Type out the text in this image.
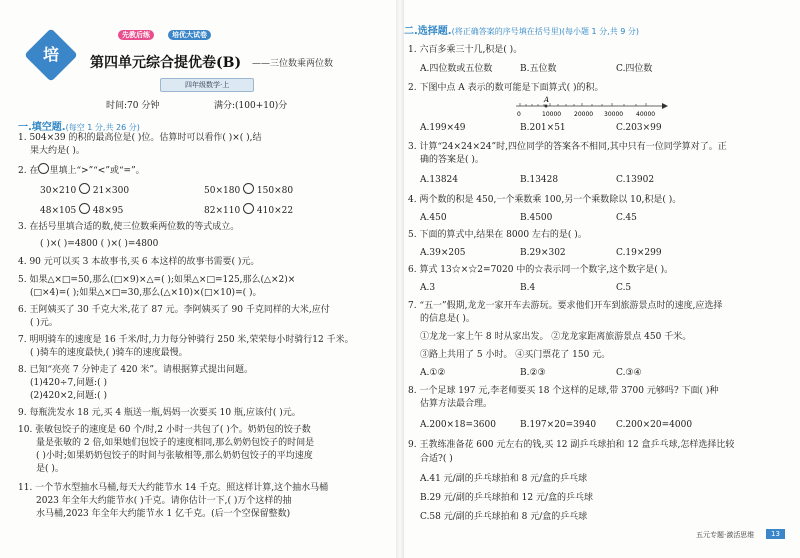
培
先教后练	培优大试卷
第四单元综合提优卷(B) ——三位数乘两位数
四年级数学·上
时间:70 分钟	满分:(100+10)分
一.填空题.(每空 1 分,共 26 分)
1. 504×39 的积的最高位是( )位。估算时可以看作( )×( ),结
果大约是( )。
2. 在 里填上“>”“<”或“=”。
30×210 21×300	50×180 150×80
48×105 48×95	82×110 410×22
3. 在括号里填合适的数,使三位数乘两位数的等式成立。
( )×( )=4800 ( )×( )=4800
4. 90 元可以买 3 本故事书,买 6 本这样的故事书需要( )元。
5. 如果△×□=50,那么(□×9)×△=( );如果△×□=125,那么(△×2)×
(□×4)=( );如果△×□=30,那么(△×10)×(□×10)=( )。
6. 王阿姨买了 30 千克大米,花了 87 元。李阿姨买了 90 千克同样的大米,应付
( )元。
7. 明明骑车的速度是 16 千米/时,力力每分钟骑行 250 米,荣荣每小时骑行12 千米。
( )骑车的速度最快,( )骑车的速度最慢。
8. 已知“亮亮 7 分钟走了 420 米”。请根据算式提出问题。
(1)420÷7,问题:( )
(2)420×2,问题:( )
9. 每瓶洗发水 18 元,买 4 瓶送一瓶,妈妈一次要买 10 瓶,应该付( )元。
10. 张敏包饺子的速度是 60 个/时,2 小时一共包了( )个。奶奶包的饺子数
量是张敏的 2 倍,如果她们包饺子的速度相同,那么奶奶包饺子的时间是
( )小时;如果奶奶包饺子的时间与张敏相等,那么奶奶包饺子的平均速度
是( )。
11. 一个节水型抽水马桶,每天大约能节水 14 千克。照这样计算,这个抽水马桶
2023 年全年大约能节水( )千克。请你估计一下,( )万个这样的抽
水马桶,2023 年全年大约能节水 1 亿千克。(后一个空保留整数)
二.选择题.(将正确答案的序号填在括号里)(每小题 1 分,共 9 分)
1. 六百多乘三十几,积是( )。
A.四位数或五位数	B.五位数	C.四位数
2. 下图中点 A 表示的数可能是下面算式( )的积。
A
0	10000 20000 30000 40000
A.199×49	B.201×51	C.203×99
3. 计算“24×24×24”时,四位同学的答案各不相同,其中只有一位同学算对了。正
确的答案是( )。
A.13824	B.13428	C.13902
4. 两个数的积是 450,一个乘数乘 100,另一个乘数除以 10,积是( )。
A.450	B.4500	C.45
5. 下面的算式中,结果在 8000 左右的是( )。
A.39×205	B.29×302	C.19×299
6. 算式 13☆×☆2=7020 中的☆表示同一个数字,这个数字是( )。
A.3	B.4	C.5
7. “五一”假期,龙龙一家开车去游玩。要求他们开车到旅游景点时的速度,应选择
的信息是( )。
①龙龙一家上午 8 时从家出发。 ②龙龙家距离旅游景点 450 千米。
③路上共用了 5 小时。 ④买门票花了 150 元。
A.①②	B.②③	C.③④
8. 一个足球 197 元,李老师要买 18 个这样的足球,带 3700 元够吗? 下面( )种
估算方法最合理。
A.200×18=3600	B.197×20=3940 C.200×20=4000
9. 王教练准备花 600 元左右的钱,买 12 副乒乓球拍和 12 盒乒乓球,怎样选择比较
合适?( )
A.41 元/副的乒乓球拍和 8 元/盒的乒乓球
B.29 元/副的乒乓球拍和 12 元/盒的乒乓球
C.58 元/副的乒乓球拍和 8 元/盒的乒乓球
五元专题·激活思维	13
